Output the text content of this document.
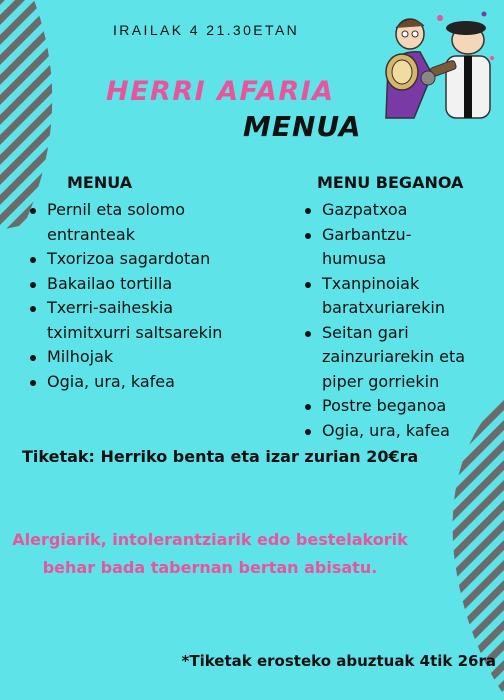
IRAILAK 4 21.30ETAN
HERRI AFARIA
MENUA
MENUA
Pernil eta solomo entranteak
Txorizoa sagardotan
Bakailao tortilla
Txerri-saiheskia tximitxurri saltsarekin
Milhojak
Ogia, ura, kafea
MENU BEGANOA
Gazpatxoa
Garbantzu-humusa
Txanpinoiak baratxuriarekin
Seitan gari zainzuriarekin eta piper gorriekin
Postre beganoa
Ogia, ura, kafea
Tiketak: Herriko benta eta izar zurian 20€ra
Alergiarik, intolerantziarik edo bestelakorik
behar bada tabernan bertan abisatu.
*Tiketak erosteko abuztuak 4tik 26ra
